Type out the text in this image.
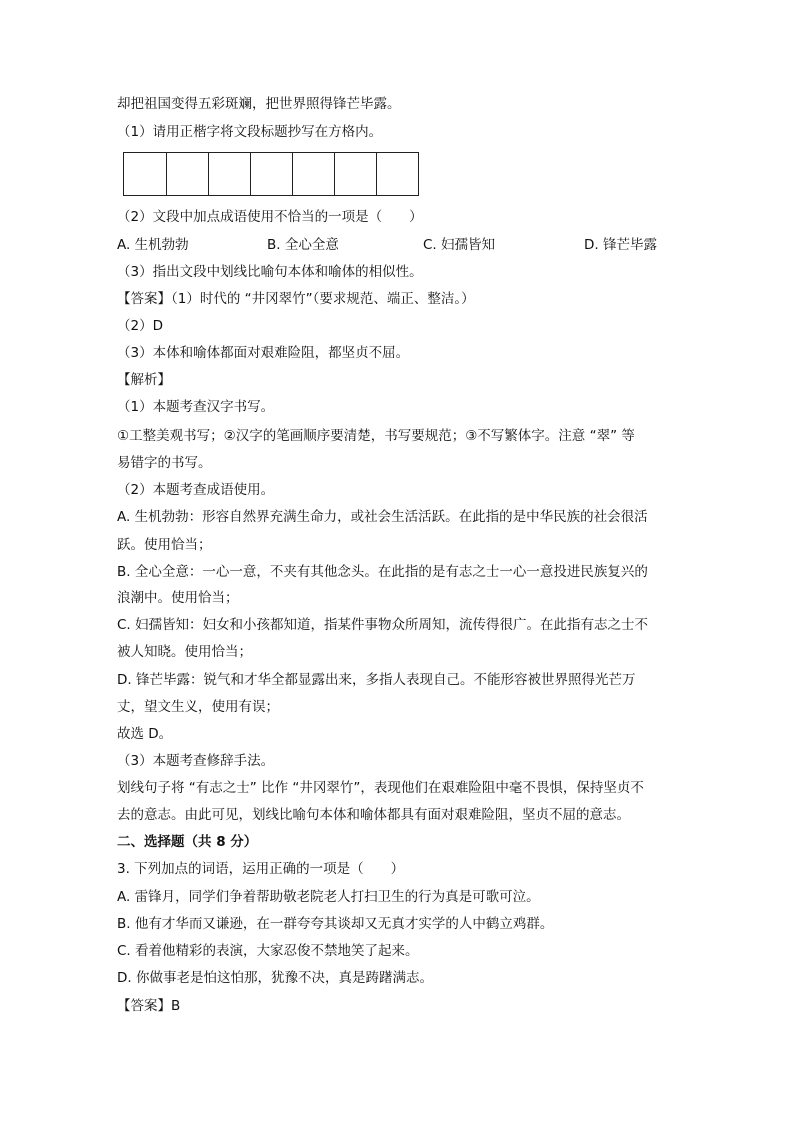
却把祖国变得五彩斑斓，把世界照得锋芒毕露。
（1）请用正楷字将文段标题抄写在方格内。
（2）文段中加点成语使用不恰当的一项是（　　）
A. 生机勃勃	B. 全心全意	C. 妇孺皆知	D. 锋芒毕露
（3）指出文段中划线比喻句本体和喻体的相似性。
【答案】（1）时代的 “井冈翠竹”（要求规范、端正、整洁。）
（2）D
（3）本体和喻体都面对艰难险阻，都坚贞不屈。
【解析】
（1）本题考查汉字书写。
①工整美观书写；②汉字的笔画顺序要清楚，书写要规范；③不写繁体字。注意 “翠” 等
易错字的书写。
（2）本题考查成语使用。
A. 生机勃勃：形容自然界充满生命力，或社会生活活跃。在此指的是中华民族的社会很活
跃。使用恰当；
B. 全心全意：一心一意，不夹有其他念头。在此指的是有志之士一心一意投进民族复兴的
浪潮中。使用恰当；
C. 妇孺皆知：妇女和小孩都知道，指某件事物众所周知，流传得很广。在此指有志之士不
被人知晓。使用恰当；
D. 锋芒毕露：锐气和才华全都显露出来，多指人表现自己。不能形容被世界照得光芒万
丈，望文生义，使用有误；
故选 D。
（3）本题考查修辞手法。
划线句子将 “有志之士” 比作 “井冈翠竹”，表现他们在艰难险阻中毫不畏惧，保持坚贞不
去的意志。由此可见，划线比喻句本体和喻体都具有面对艰难险阻，坚贞不屈的意志。
二、选择题（共 8 分）
3. 下列加点的词语，运用正确的一项是（　　）
A. 雷锋月，同学们争着帮助敬老院老人打扫卫生的行为真是可歌可泣。
B. 他有才华而又谦逊，在一群夸夸其谈却又无真才实学的人中鹤立鸡群。
C. 看着他精彩的表演，大家忍俊不禁地笑了起来。
D. 你做事老是怕这怕那，犹豫不决，真是踌躇满志。
【答案】B
